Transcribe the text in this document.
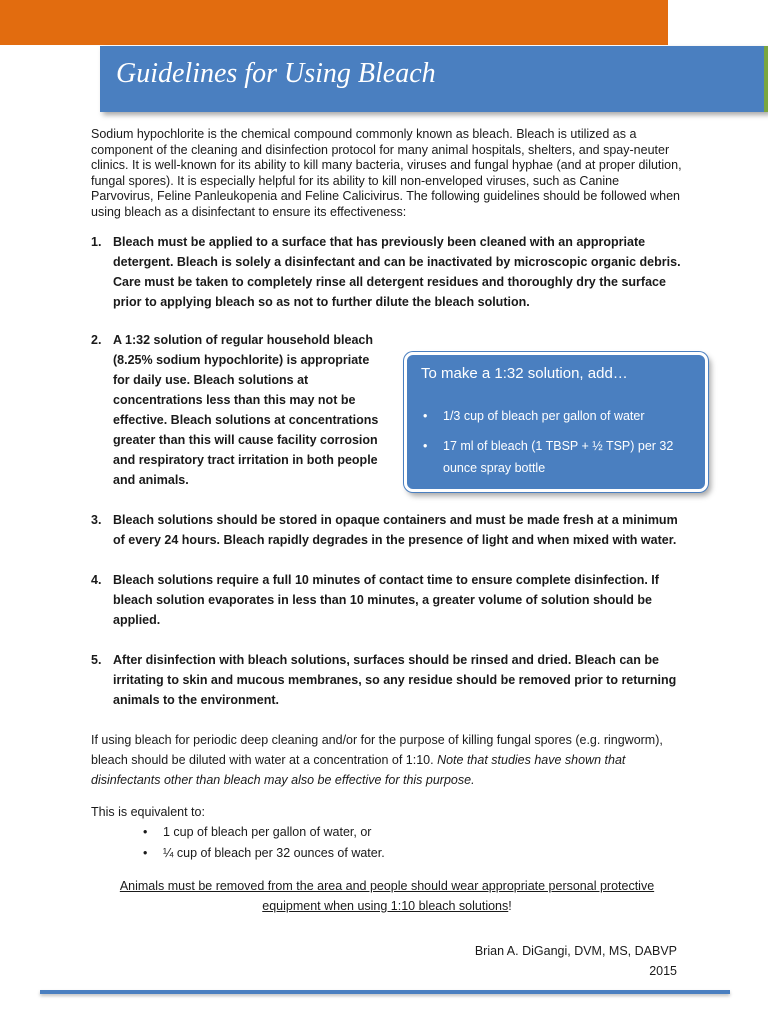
Guidelines for Using Bleach

Sodium hypochlorite is the chemical compound commonly known as bleach. Bleach is utilized as a component of the cleaning and disinfection protocol for many animal hospitals, shelters, and spay-neuter clinics. It is well-known for its ability to kill many bacteria, viruses and fungal hyphae (and at proper dilution, fungal spores). It is especially helpful for its ability to kill non-enveloped viruses, such as Canine Parvovirus, Feline Panleukopenia and Feline Calicivirus. The following guidelines should be followed when using bleach as a disinfectant to ensure its effectiveness:

1. Bleach must be applied to a surface that has previously been cleaned with an appropriate detergent. Bleach is solely a disinfectant and can be inactivated by microscopic organic debris. Care must be taken to completely rinse all detergent residues and thoroughly dry the surface prior to applying bleach so as not to further dilute the bleach solution.
2. A 1:32 solution of regular household bleach (8.25% sodium hypochlorite) is appropriate for daily use. Bleach solutions at concentrations less than this may not be effective. Bleach solutions at concentrations greater than this will cause facility corrosion and respiratory tract irritation in both people and animals.
3. Bleach solutions should be stored in opaque containers and must be made fresh at a minimum of every 24 hours. Bleach rapidly degrades in the presence of light and when mixed with water.
4. Bleach solutions require a full 10 minutes of contact time to ensure complete disinfection. If bleach solution evaporates in less than 10 minutes, a greater volume of solution should be applied.
5. After disinfection with bleach solutions, surfaces should be rinsed and dried. Bleach can be irritating to skin and mucous membranes, so any residue should be removed prior to returning animals to the environment.

If using bleach for periodic deep cleaning and/or for the purpose of killing fungal spores (e.g. ringworm), bleach should be diluted with water at a concentration of 1:10. Note that studies have shown that disinfectants other than bleach may also be effective for this purpose.

This is equivalent to:

• 1 cup of bleach per gallon of water, or
• ¼ cup of bleach per 32 ounces of water.

Animals must be removed from the area and people should wear appropriate personal protective equipment when using 1:10 bleach solutions!

To make a 1:32 solution, add…
• 1/3 cup of bleach per gallon of water
• 17 ml of bleach (1 TBSP + ½ TSP) per 32 ounce spray bottle
Brian A. DiGangi, DVM, MS, DABVP
2015
